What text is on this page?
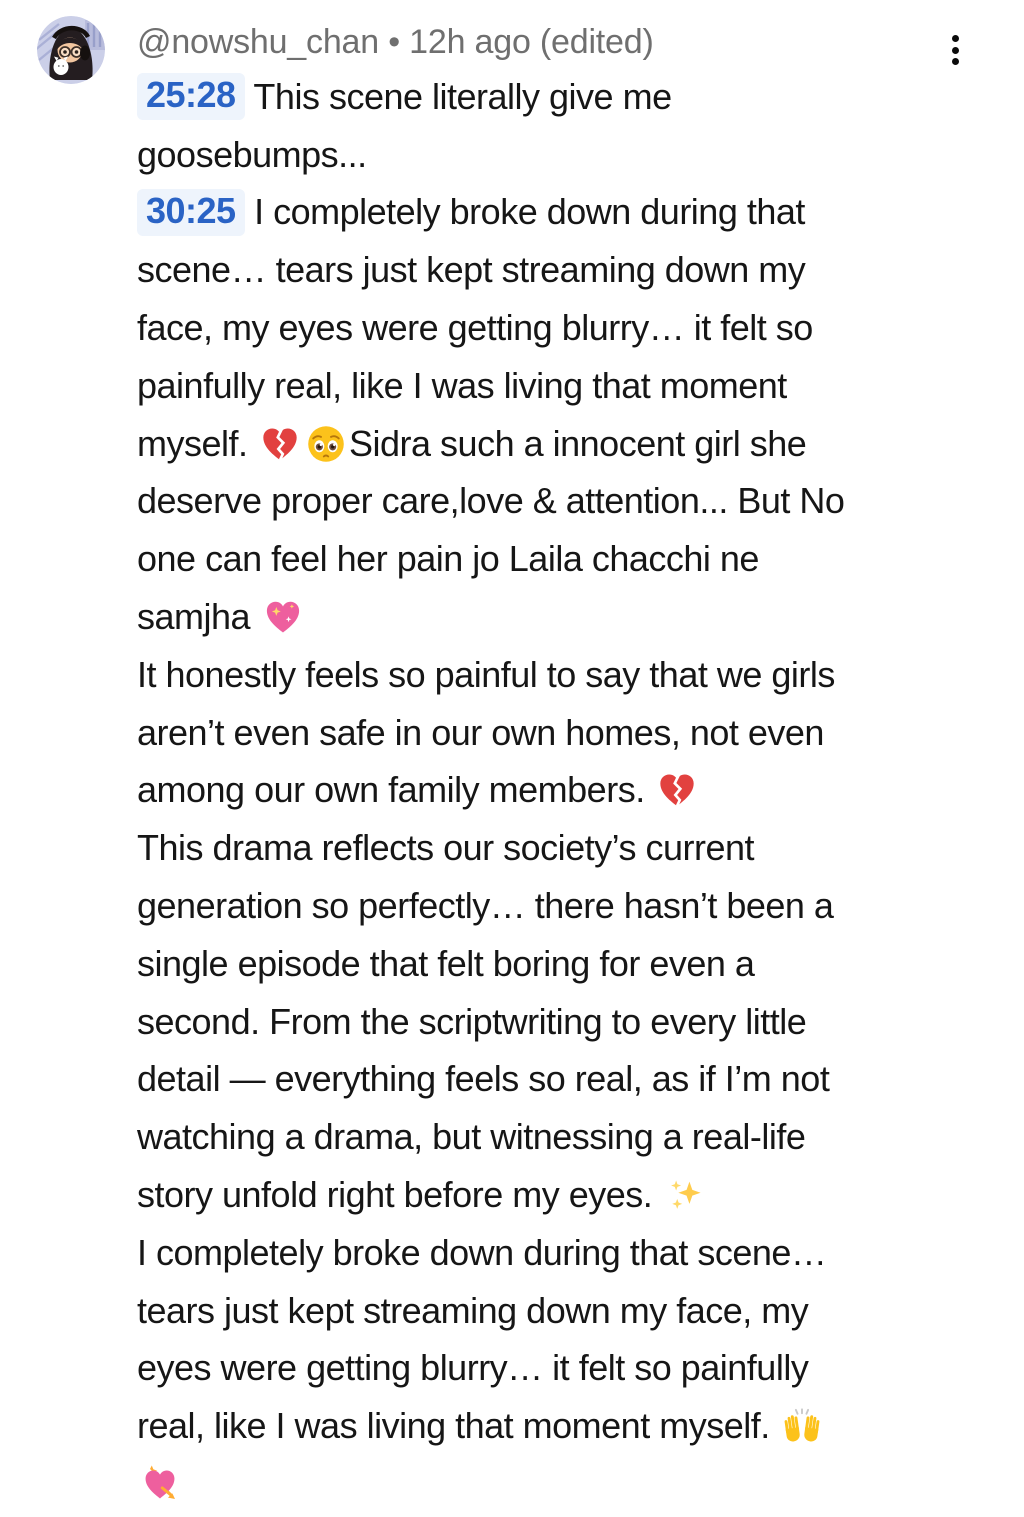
@nowshu_chan • 12h ago (edited)
25:28 This scene literally give me
goosebumps...
30:25 I completely broke down during that
scene… tears just kept streaming down my
face, my eyes were getting blurry… it felt so
painfully real, like I was living that moment
myself.	Sidra such a innocent girl she
deserve proper care,love & attention... But No
one can feel her pain jo Laila chacchi ne
samjha
It honestly feels so painful to say that we girls
aren’t even safe in our own homes, not even
among our own family members.
This drama reflects our society’s current
generation so perfectly… there hasn’t been a
single episode that felt boring for even a
second. From the scriptwriting to every little
detail — everything feels so real, as if I’m not
watching a drama, but witnessing a real-life
story unfold right before my eyes.
I completely broke down during that scene…
tears just kept streaming down my face, my
eyes were getting blurry… it felt so painfully
real, like I was living that moment myself.
